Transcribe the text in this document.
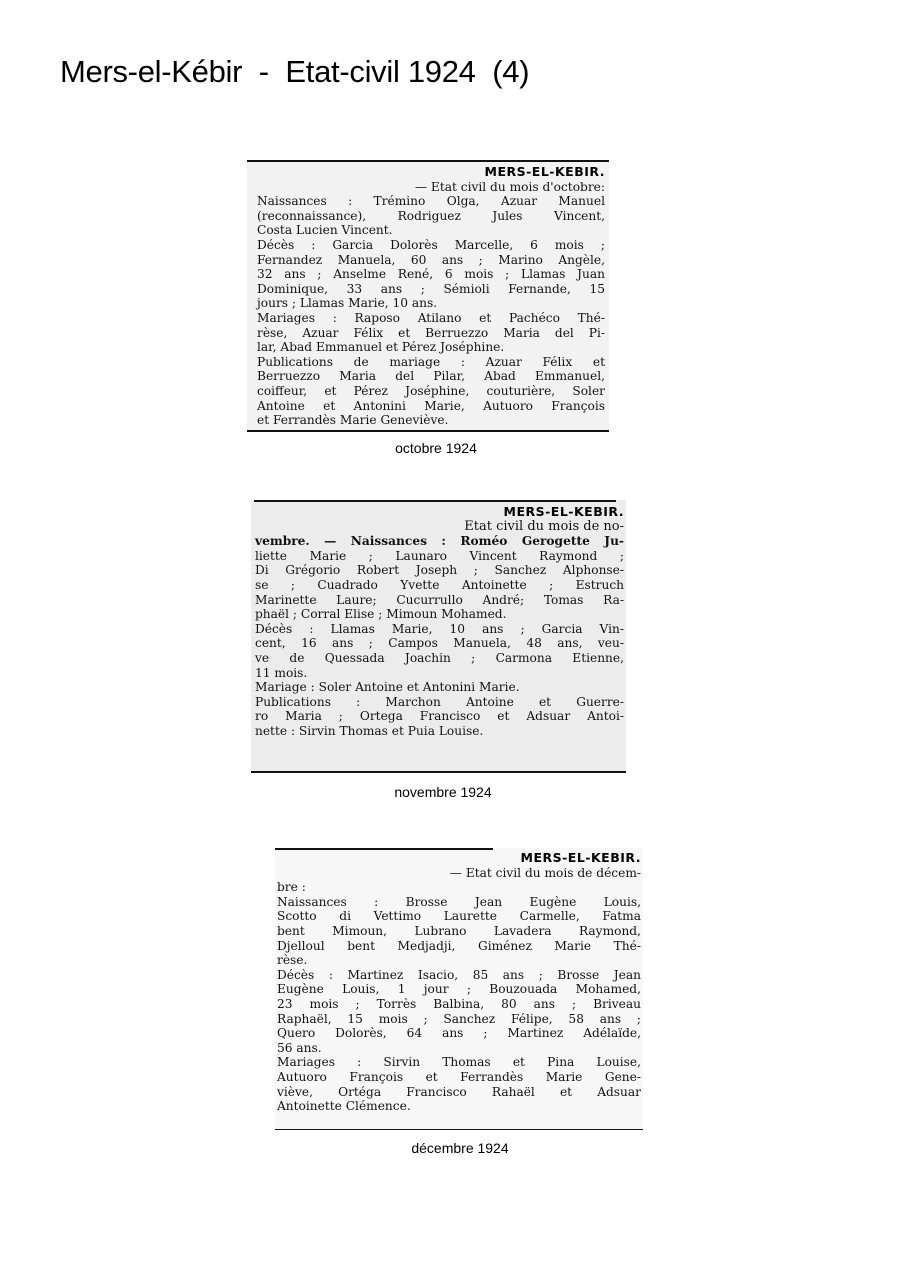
Mers-el-Kébir  -  Etat-civil 1924  (4)
MERS-EL-KEBIR.
— Etat civil du mois d'octobre:
Naissances : Trémino Olga, Azuar Manuel
(reconnaissance), Rodriguez Jules Vincent,
Costa Lucien Vincent.
Décès : Garcia Dolorès Marcelle, 6 mois ;
Fernandez Manuela, 60 ans ; Marino Angèle,
32 ans ; Anselme René, 6 mois ; Llamas Juan
Dominique, 33 ans ; Sémioli Fernande, 15
jours ; Llamas Marie, 10 ans.
Mariages : Raposo Atilano et Pachéco Thé-
rèse, Azuar Félix et Berruezzo Maria del Pi-
lar, Abad Emmanuel et Pérez Joséphine.
Publications de mariage : Azuar Félix et
Berruezzo Maria del Pilar, Abad Emmanuel,
coiffeur, et Pérez Joséphine, couturière, Soler
Antoine et Antonini Marie, Autuoro François
et Ferrandès Marie Geneviève.
octobre 1924
MERS-EL-KEBIR.
Etat civil du mois de no-
vembre. — Naissances : Roméo Gerogette Ju-
liette Marie ; Launaro Vincent Raymond ;
Di Grégorio Robert Joseph ; Sanchez Alphonse-
se ; Cuadrado Yvette Antoinette ; Estruch
Marinette Laure; Cucurrullo André; Tomas Ra-
phaël ; Corral Elise ; Mimoun Mohamed.
Décès : Llamas Marie, 10 ans ; Garcia Vin-
cent, 16 ans ; Campos Manuela, 48 ans, veu-
ve de Quessada Joachin ; Carmona Etienne,
11 mois.
Mariage : Soler Antoine et Antonini Marie.
Publications : Marchon Antoine et Guerre-
ro Maria ; Ortega Francisco et Adsuar Antoi-
nette : Sirvin Thomas et Puia Louise.
novembre 1924
MERS-EL-KEBIR.
— Etat civil du mois de décem-
bre :
Naissances : Brosse Jean Eugène Louis,
Scotto di Vettimo Laurette Carmelle, Fatma
bent Mimoun, Lubrano Lavadera Raymond,
Djelloul bent Medjadji, Giménez Marie Thé-
rèse.
Décès : Martinez Isacio, 85 ans ; Brosse Jean
Eugène Louis, 1 jour ; Bouzouada Mohamed,
23 mois ; Torrès Balbina, 80 ans ; Briveau
Raphaël, 15 mois ; Sanchez Félipe, 58 ans ;
Quero Dolorès, 64 ans ; Martinez Adélaïde,
56 ans.
Mariages : Sirvin Thomas et Pina Louise,
Autuoro François et Ferrandès Marie Gene-
viève, Ortéga Francisco Rahaël et Adsuar
Antoinette Clémence.
décembre 1924
